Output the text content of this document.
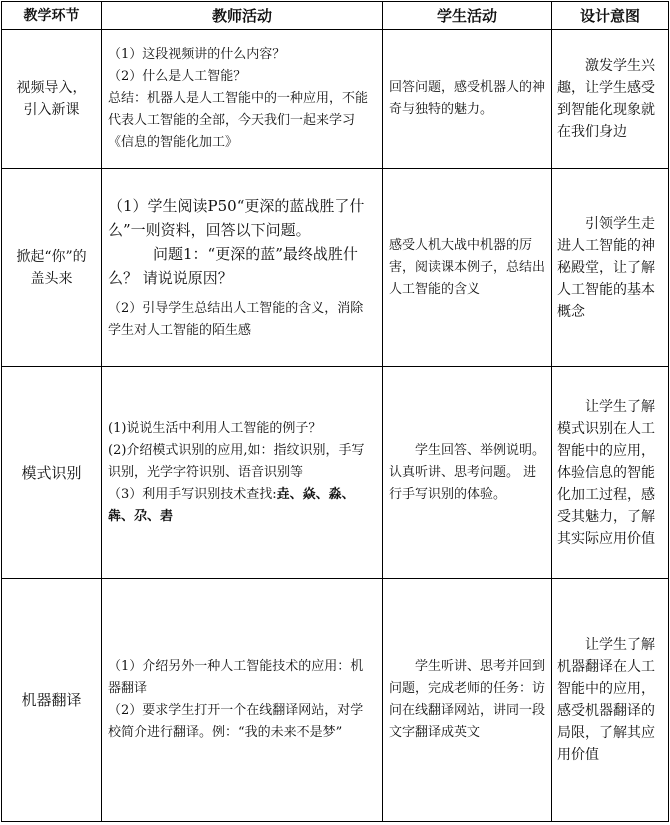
教学环节	教师活动	学生活动	设计意图

视频导入，引入新课	（1）这段视频讲的什么内容？

（2）什么是人工智能？

总结：机器人是人工智能中的一种应用，不能代表人工智能的全部，今天我们一起来学习《信息的智能化加工》	回答问题，感受机器人的神奇与独特的魅力。	激发学生兴趣，让学生感受到智能化现象就在我们身边

掀起“你”的盖头来	（1）学生阅读P50“更深的蓝战胜了什么”一则资料，回答以下问题。

问题1：“更深的蓝”最终战胜什么？ 请说说原因？

（2）引导学生总结出人工智能的含义，消除学生对人工智能的陌生感	感受人机大战中机器的厉害，阅读课本例子，总结出人工智能的含义	引领学生走进人工智能的神秘殿堂，让了解人工智能的基本概念

模式识别	(1)说说生活中利用人工智能的例子？

(2)介绍模式识别的应用,如：指纹识别，手写识别，光学字符识别、语音识别等

（3）利用手写识别技术查找:垚、焱、淼、犇、尕、砉	学生回答、举例说明。认真听讲、思考问题。 进行手写识别的体验。	让学生了解模式识别在人工智能中的应用，体验信息的智能化加工过程，感受其魅力，了解其实际应用价值

机器翻译	（1）介绍另外一种人工智能技术的应用：机器翻译

（2）要求学生打开一个在线翻译网站，对学校简介进行翻译。例：“我的未来不是梦”	学生听讲、思考并回到问题，完成老师的任务：访问在线翻译网站，讲同一段文字翻译成英文	让学生了解机器翻译在人工智能中的应用，感受机器翻译的局限，了解其应用价值
